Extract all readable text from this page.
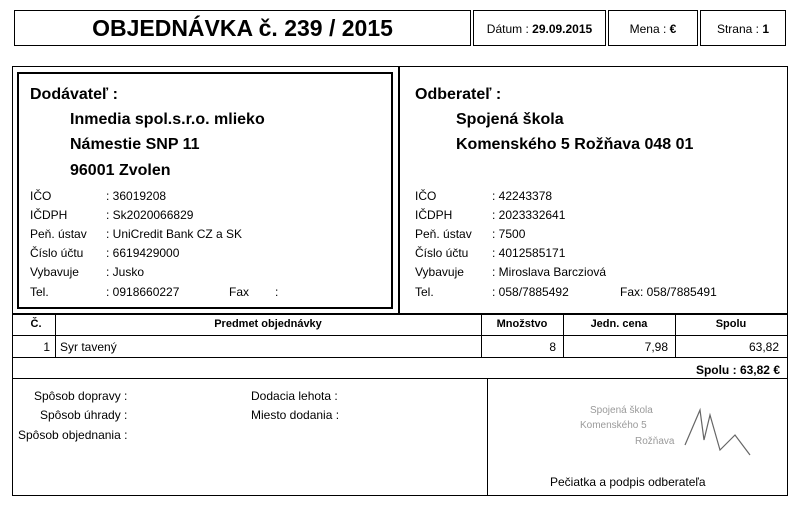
OBJEDNÁVKA č. 239 / 2015	Dátum : 29.09.2015	Mena : €	Strana : 1
Dodávateľ :
Inmedia spol.s.r.o. mlieko
Námestie SNP 11
96001 Zvolen
IČO	: 36019208
IČDPH	: Sk2020066829
Peň. ústav : UniCredit Bank CZ a SK
Číslo účtu : 6619429000
Vybavuje : Jusko
Tel.	: 0918660227	Fax :
Odberateľ :
Spojená škola
Komenského 5 Rožňava 048 01
IČO	: 42243378
IČDPH	: 2023332641
Peň. ústav : 7500
Číslo účtu : 4012585171
Vybavuje : Miroslava Barcziová
Tel.	: 058/7885492	Fax : 058/7885491
Č.	Predmet objednávky	Množstvo	Jedn. cena	Spolu
1 Syr tavený	8	7,98	63,82
Spolu : 63,82 €
Spôsob dopravy :
Spôsob úhrady :
Spôsob objednania :
Dodacia lehota :
Miesto dodania :	Spojená škola
Komenského 5
Rožňava
Pečiatka a podpis odberateľa
